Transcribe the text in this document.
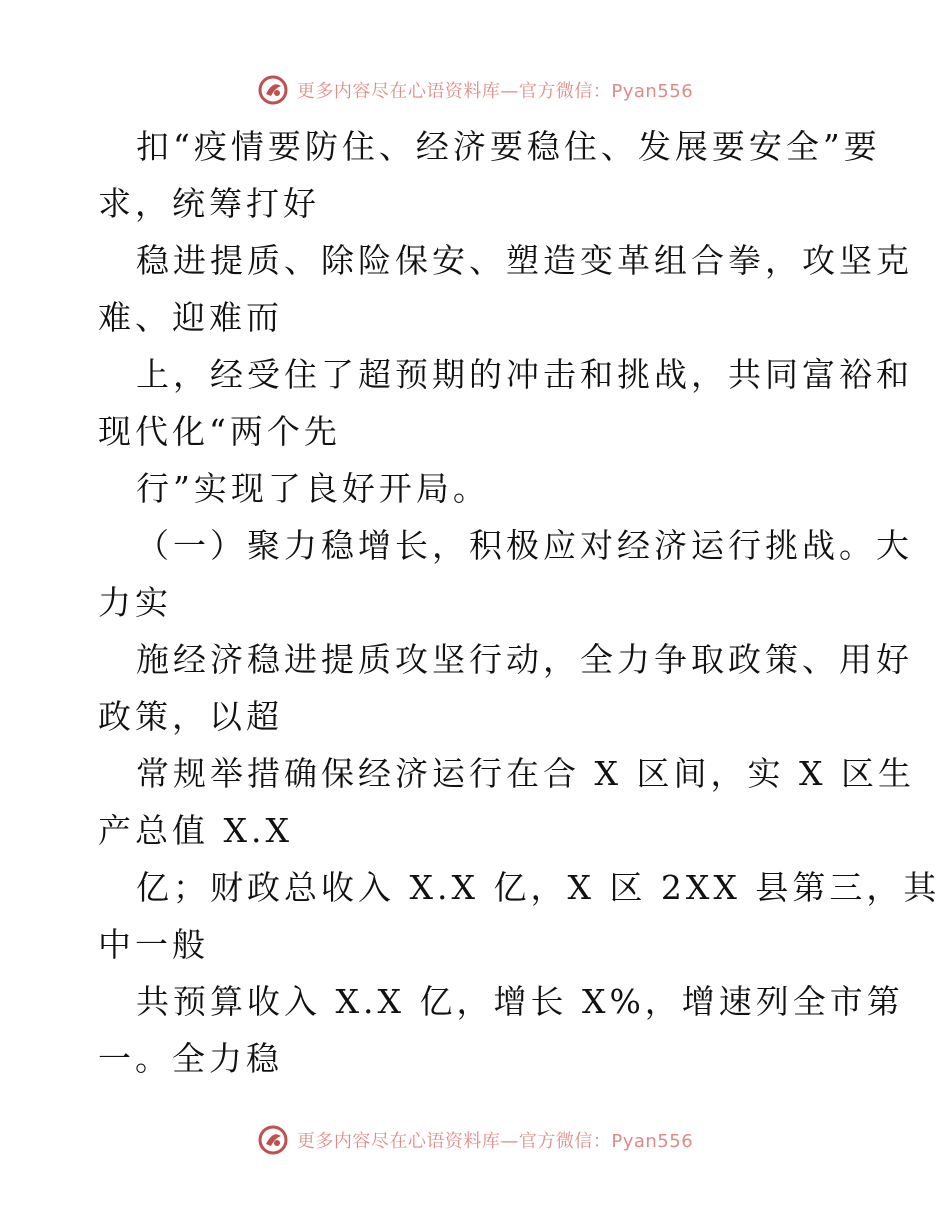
更多内容尽在心语资料库—官方微信：Pyan556
扣“疫情要防住、经济要稳住、发展要安全”要
求，统筹打好
稳进提质、除险保安、塑造变革组合拳，攻坚克
难、迎难而
上，经受住了超预期的冲击和挑战，共同富裕和
现代化“两个先
行”实现了良好开局。
（一）聚力稳增长，积极应对经济运行挑战。大
力实
施经济稳进提质攻坚行动，全力争取政策、用好
政策，以超
常规举措确保经济运行在合 X 区间，实 X 区生
产总值 X.X
亿；财政总收入 X.X 亿，X 区 2XX 县第三，其
中一般
共预算收入 X.X 亿，增长 X%，增速列全市第
一。全力稳
更多内容尽在心语资料库—官方微信：Pyan556
